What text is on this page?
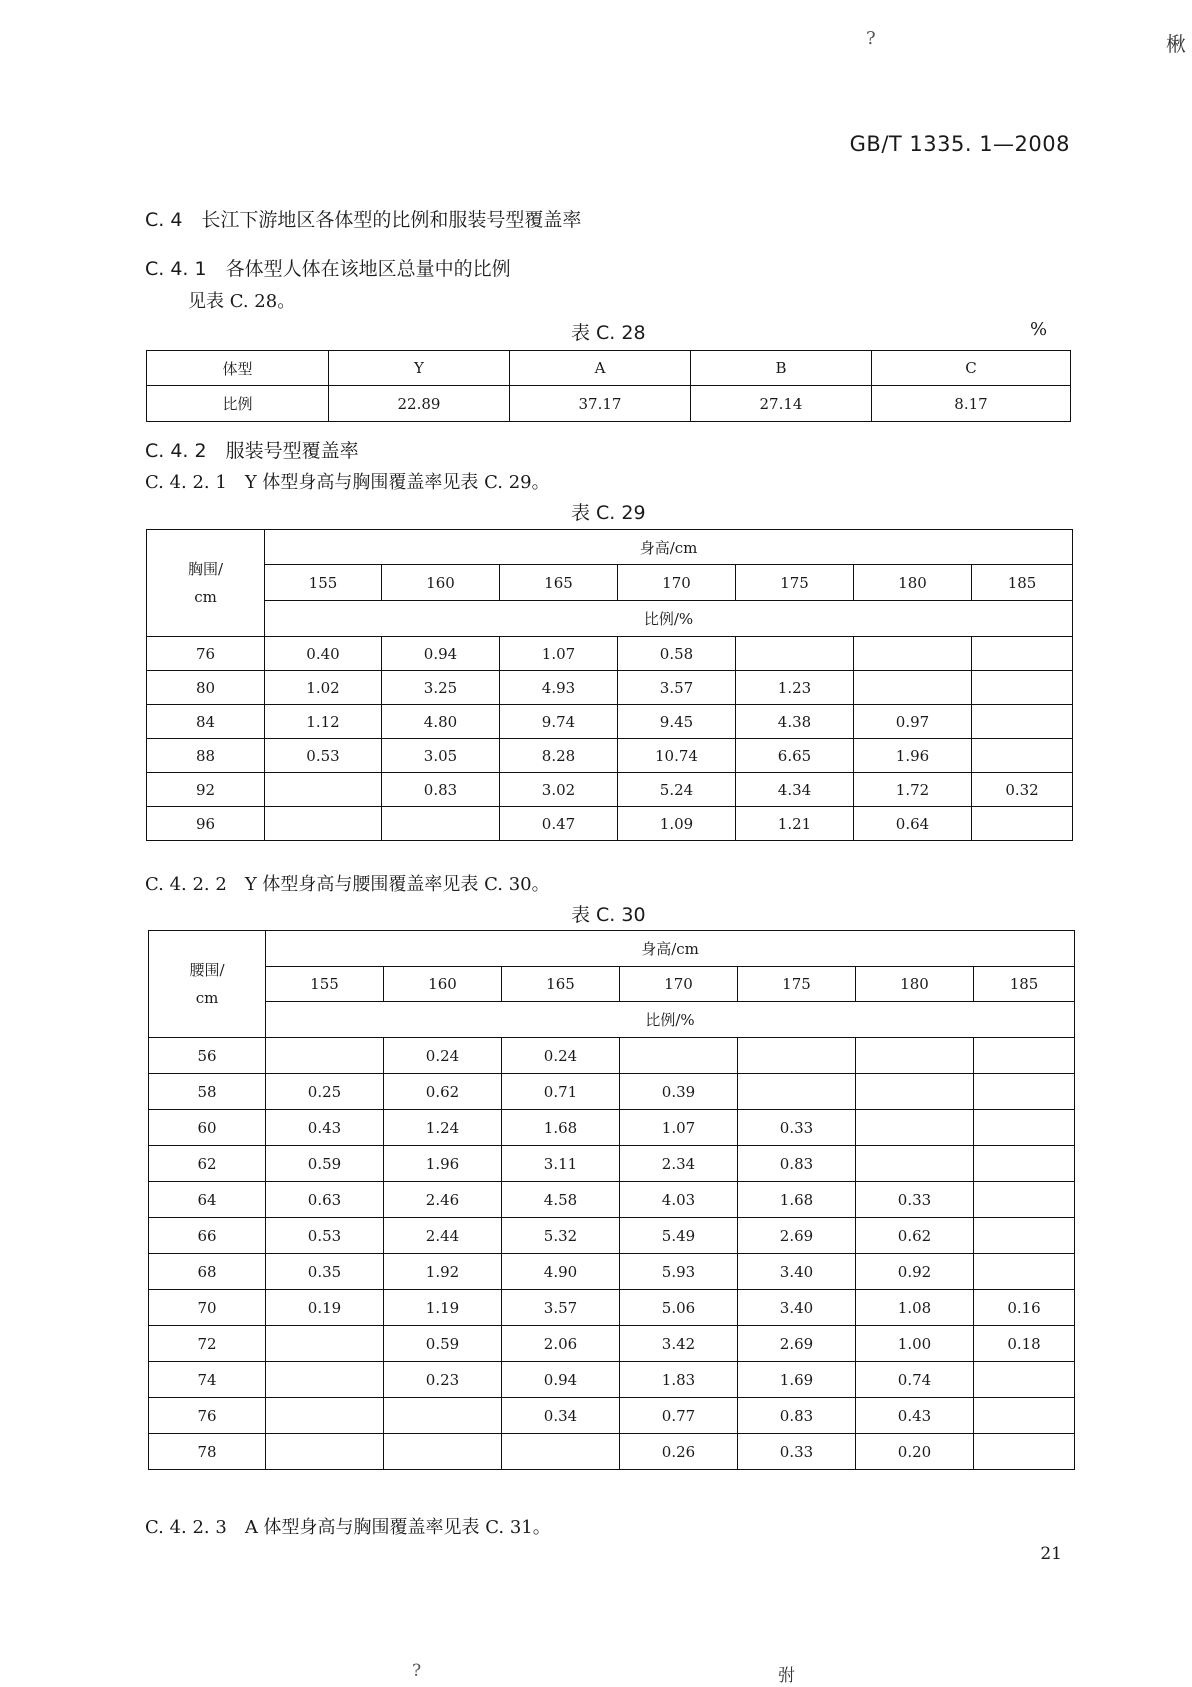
?	楸
GB/T 1335. 1—2008
C. 4　长江下游地区各体型的比例和服装号型覆盖率
C. 4. 1　各体型人体在该地区总量中的比例
见表 C. 28。
表 C. 28	%
体型	Y	A	B	C
比例	22.89	37.17	27.14	8.17
C. 4. 2　服装号型覆盖率
C. 4. 2. 1　Y 体型身高与胸围覆盖率见表 C. 29。
表 C. 29
胸围/ cm	身高/cm						
	155	160	165	170	175	180	185
	比例/%						
76	0.40	0.94	1.07	0.58			
80	1.02	3.25	4.93	3.57	1.23		
84	1.12	4.80	9.74	9.45	4.38	0.97	
88	0.53	3.05	8.28	10.74	6.65	1.96	
92		0.83	3.02	5.24	4.34	1.72	0.32
96			0.47	1.09	1.21	0.64	
C. 4. 2. 2　Y 体型身高与腰围覆盖率见表 C. 30。
表 C. 30
腰围/ cm	身高/cm						
	155	160	165	170	175	180	185
	比例/%						
56		0.24	0.24				
58	0.25	0.62	0.71	0.39			
60	0.43	1.24	1.68	1.07	0.33		
62	0.59	1.96	3.11	2.34	0.83		
64	0.63	2.46	4.58	4.03	1.68	0.33	
66	0.53	2.44	5.32	5.49	2.69	0.62	
68	0.35	1.92	4.90	5.93	3.40	0.92	
70	0.19	1.19	3.57	5.06	3.40	1.08	0.16
72		0.59	2.06	3.42	2.69	1.00	0.18
74		0.23	0.94	1.83	1.69	0.74	
76			0.34	0.77	0.83	0.43	
78				0.26	0.33	0.20	
C. 4. 2. 3　A 体型身高与胸围覆盖率见表 C. 31。
21
?	弣
